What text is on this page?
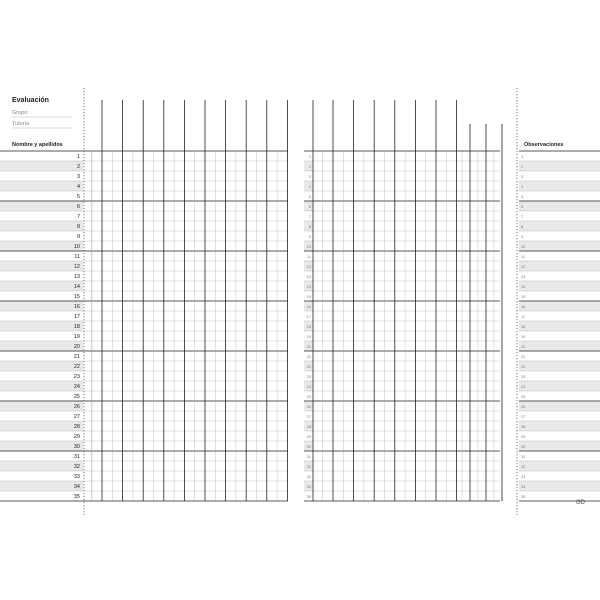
Evaluación
Grupo
Tutoría
Nombre y apellidos	Observaciones
GD
1	1	1
2	2	2
3	3	3
4	4	4
5	5	5
6	6	6
7	7	7
8	8	8
9	9	9
10	10	10
11	11	11
12	12	12
13	13	13
14	14	14
15	15	15
16	16	16
17	17	17
18	18	18
19	19	19
20	20	20
21	21	21
22	22	22
23	23	23
24	24	24
25	25	25
26	26	26
27	27	27
28	28	28
29	29	29
30	30	30
31	31	31
32	32	32
33	33	33
34	34	34
35	35	35
